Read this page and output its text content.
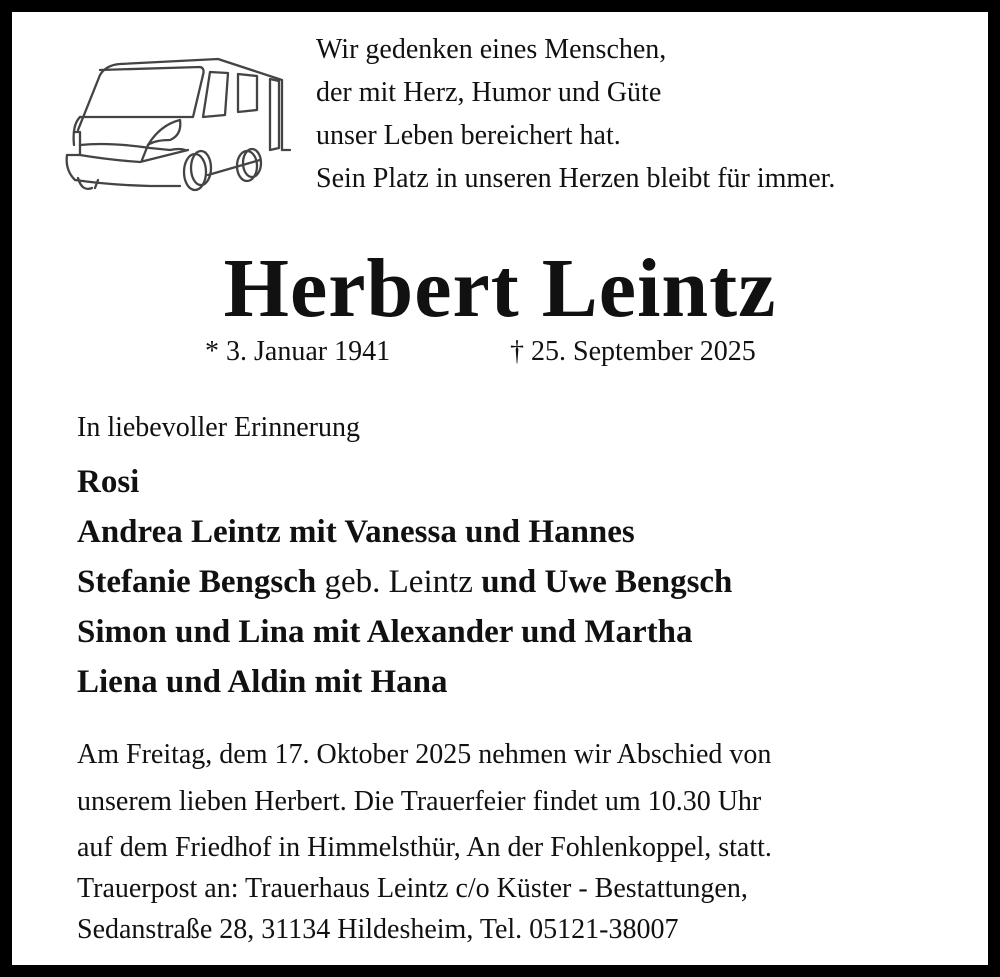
Wir gedenken eines Menschen,
der mit Herz, Humor und Güte
unser Leben bereichert hat.
Sein Platz in unseren Herzen bleibt für immer.
Herbert Leintz
* 3. Januar 1941	† 25. September 2025
In liebevoller Erinnerung
Rosi
Andrea Leintz mit Vanessa und Hannes
Stefanie Bengsch geb. Leintz und Uwe Bengsch
Simon und Lina mit Alexander und Martha
Liena und Aldin mit Hana
Am Freitag, dem 17. Oktober 2025 nehmen wir Abschied von
unserem lieben Herbert. Die Trauerfeier findet um 10.30 Uhr
auf dem Friedhof in Himmelsthür, An der Fohlenkoppel, statt.
Trauerpost an: Trauerhaus Leintz c/o Küster - Bestattungen,
Sedanstraße 28, 31134 Hildesheim, Tel. 05121-38007
